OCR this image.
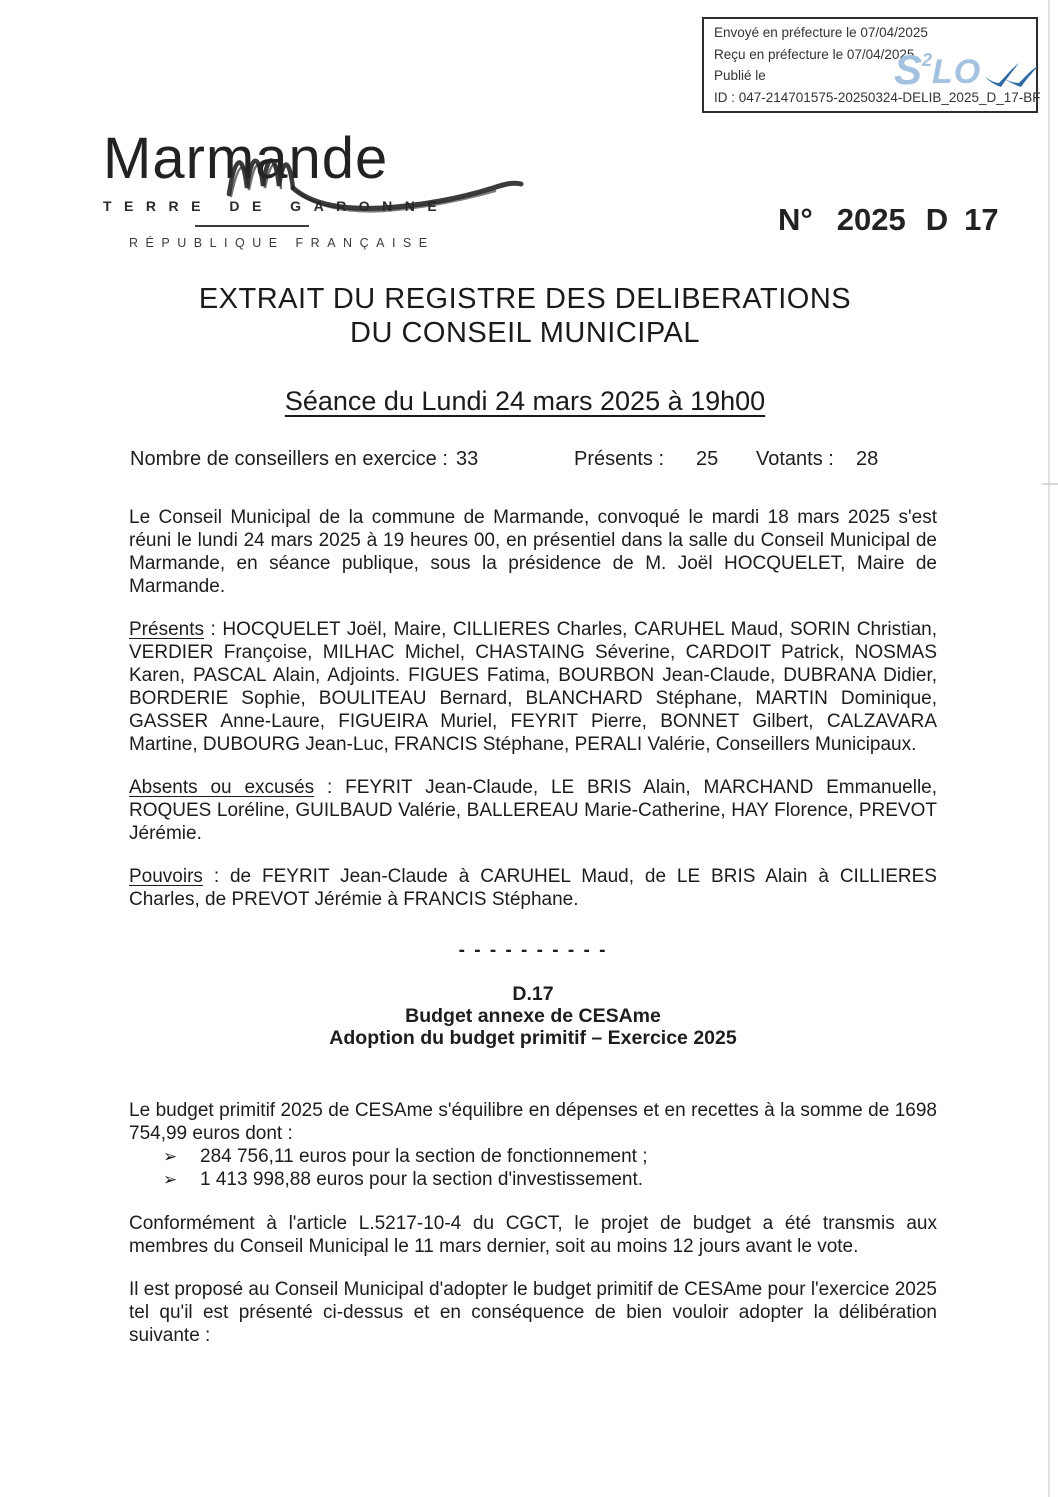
Envoyé en préfecture le 07/04/2025
Reçu en préfecture le 07/04/2025
Publié le
ID : 047-214701575-20250324-DELIB_2025_D_17-BF
S 2 LO
Marmande
TERRE DE GARONNE
RÉPUBLIQUE FRANÇAISE
N° 2025 D 17
EXTRAIT DU REGISTRE DES DELIBERATIONS
DU CONSEIL MUNICIPAL
Séance du Lundi 24 mars 2025 à 19h00
Nombre de conseillers en exercice : 33	Présents : 25 Votants : 28

Le Conseil Municipal de la commune de Marmande, convoqué le mardi 18 mars 2025 s'est réuni le lundi 24 mars 2025 à 19 heures 00, en présentiel dans la salle du Conseil Municipal de Marmande, en séance publique, sous la présidence de M. Joël HOCQUELET, Maire de Marmande.

Présents : HOCQUELET Joël, Maire, CILLIERES Charles, CARUHEL Maud, SORIN Christian, VERDIER Françoise, MILHAC Michel, CHASTAING Séverine, CARDOIT Patrick, NOSMAS Karen, PASCAL Alain, Adjoints. FIGUES Fatima, BOURBON Jean-Claude, DUBRANA Didier, BORDERIE Sophie, BOULITEAU Bernard, BLANCHARD Stéphane, MARTIN Dominique, GASSER Anne-Laure, FIGUEIRA Muriel, FEYRIT Pierre, BONNET Gilbert, CALZAVARA Martine, DUBOURG Jean-Luc, FRANCIS Stéphane, PERALI Valérie, Conseillers Municipaux.

Absents ou excusés : FEYRIT Jean-Claude, LE BRIS Alain, MARCHAND Emmanuelle, ROQUES Loréline, GUILBAUD Valérie, BALLEREAU Marie-Catherine, HAY Florence, PREVOT Jérémie.

Pouvoirs : de FEYRIT Jean-Claude à CARUHEL Maud, de LE BRIS Alain à CILLIERES Charles, de PREVOT Jérémie à FRANCIS Stéphane.

- - - - - - - - - -
D.17
Budget annexe de CESAme
Adoption du budget primitif – Exercice 2025

Le budget primitif 2025 de CESAme s'équilibre en dépenses et en recettes à la somme de 1698 754,99 euros dont :

➢	284 756,11 euros pour la section de fonctionnement ;
➢	1 413 998,88 euros pour la section d'investissement.

Conformément à l'article L.5217-10-4 du CGCT, le projet de budget a été transmis aux membres du Conseil Municipal le 11 mars dernier, soit au moins 12 jours avant le vote.

Il est proposé au Conseil Municipal d'adopter le budget primitif de CESAme pour l'exercice 2025 tel qu'il est présenté ci-dessus et en conséquence de bien vouloir adopter la délibération suivante :
